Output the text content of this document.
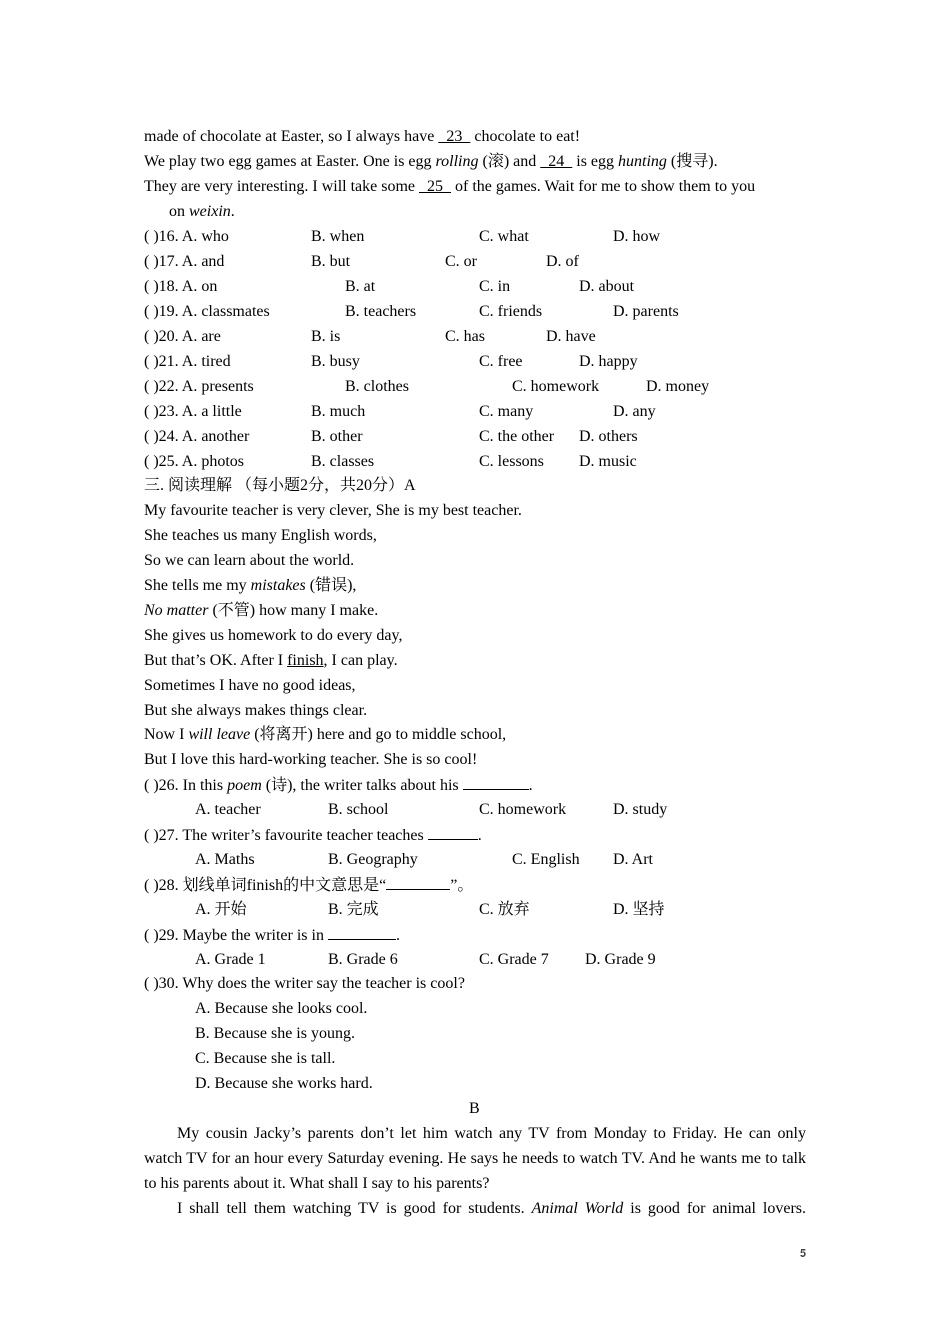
made of chocolate at Easter, so I always have   23   chocolate to eat!
We play two egg games at Easter. One is egg rolling (滚) and   24   is egg hunting (搜寻).
They are very interesting. I will take some   25   of the games. Wait for me to show them to you
on weixin.
( )16. A. who	B. when	C. what	D. how
( )17. A. and	B. but	C. or	D. of
( )18. A. on	B. at	C. in	D. about
( )19. A. classmates	B. teachers	C. friends	D. parents
( )20. A. are	B. is	C. has	D. have
( )21. A. tired	B. busy	C. free	D. happy
( )22. A. presents	B. clothes	C. homework	D. money
( )23. A. a little	B. much	C. many	D. any
( )24. A. another	B. other	C. the other D. others
( )25. A. photos	B. classes	C. lessons D. music
三. 阅读理解 （每小题2分，共20分）A
My favourite teacher is very clever, She is my best teacher.
She teaches us many English words,
So we can learn about the world.
She tells me my mistakes (错误),
No matter (不管) how many I make.
She gives us homework to do every day,
But that’s OK. After I finish, I can play.
Sometimes I have no good ideas,
But she always makes things clear.
Now I will leave (将离开) here and go to middle school,
But I love this hard-working teacher. She is so cool!
( )26. In this poem (诗), the writer talks about his	.
A. teacher	B. school	C. homework	D. study
( )27. The writer’s favourite teacher teaches	.
A. Maths	B. Geography	C. English D. Art
( )28. 划线单词finish的中文意思是“	”。
A. 开始	B. 完成	C. 放弃	D. 坚持
( )29. Maybe the writer is in	.
A. Grade 1	B. Grade 6	C. Grade 7 D. Grade 9
( )30. Why does the writer say the teacher is cool?
A. Because she looks cool.
B. Because she is young.
C. Because she is tall.
D. Because she works hard.
B
My cousin Jacky’s parents don’t let him watch any TV from Monday to Friday. He can only watch TV for an hour every Saturday evening. He says he needs to watch TV. And he wants me to talk to his parents about it. What shall I say to his parents?
I shall tell them watching TV is good for students. Animal World is good for animal lovers.
𝟓
